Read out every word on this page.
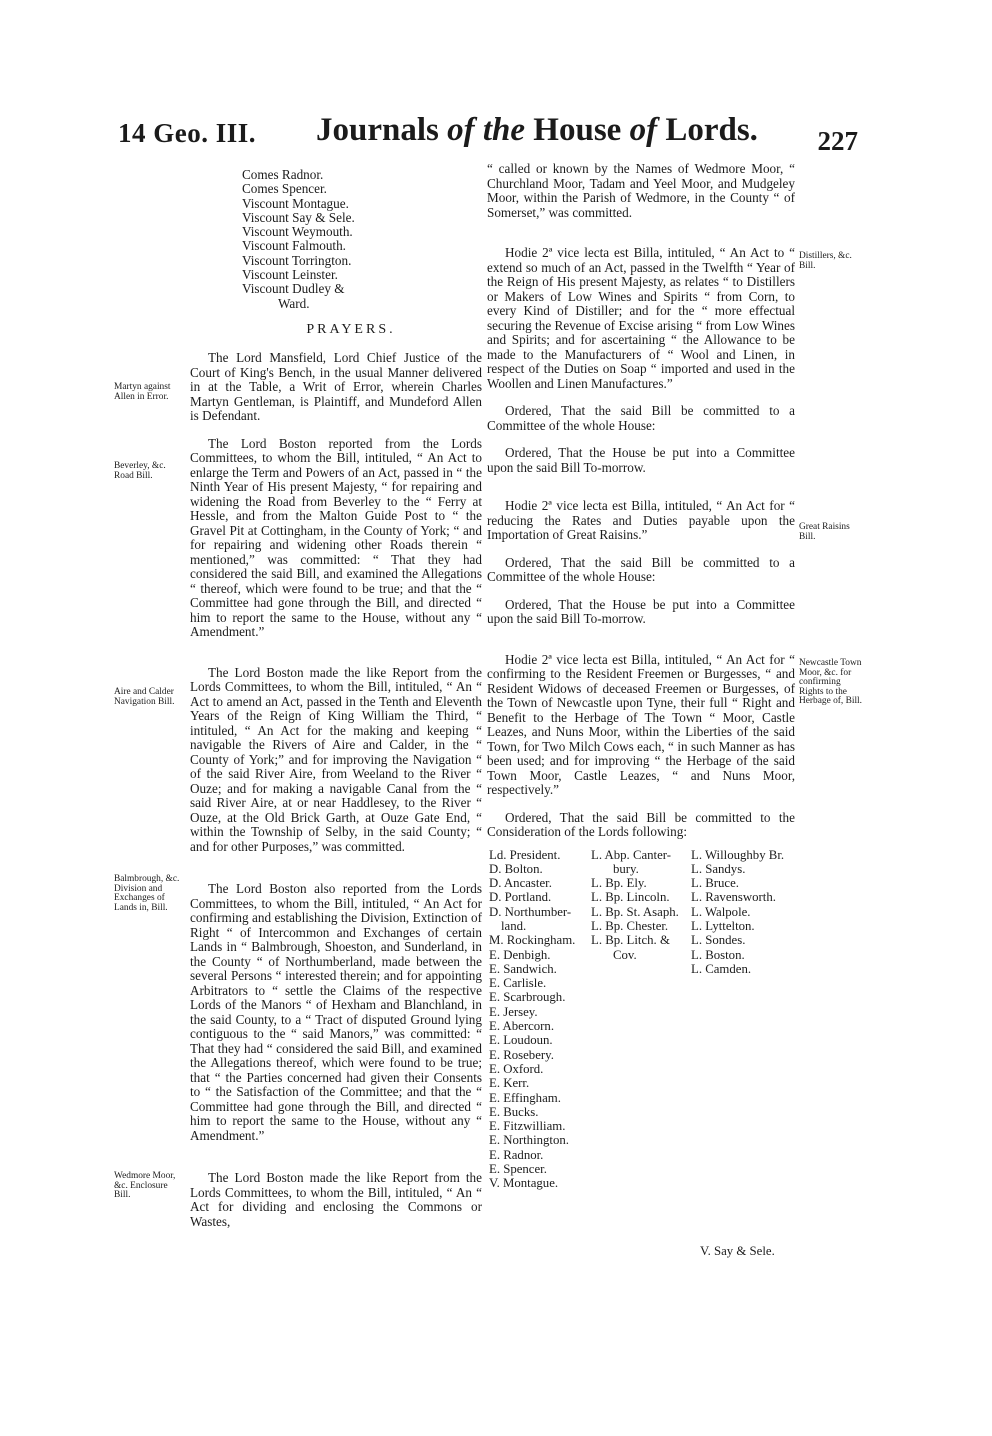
14 Geo. III. Journals of the House of Lords. 227
Comes Radnor.
Comes Spencer.
Viscount Montague.
Viscount Say & Sele.
Viscount Weymouth.
Viscount Falmouth.
Viscount Torrington.
Viscount Leinster.
Viscount Dudley &
Ward.
PRAYERS.

The Lord Mansfield, Lord Chief Justice of the Court of King's Bench, in the usual Manner delivered in at the Table, a Writ of Error, wherein Charles Martyn Gentleman, is Plaintiff, and Mundeford Allen is Defendant.

The Lord Boston reported from the Lords Committees, to whom the Bill, intituled, “ An Act to enlarge the Term and Powers of an Act, passed in “ the Ninth Year of His present Majesty, “ for repairing and widening the Road from Beverley to the “ Ferry at Hessle, and from the Malton Guide Post to “ the Gravel Pit at Cottingham, in the County of York; “ and for repairing and widening other Roads therein “ mentioned,” was committed: “ That they had considered the said Bill, and examined the Allegations “ thereof, which were found to be true; and that the “ Committee had gone through the Bill, and directed “ him to report the same to the House, without any “ Amendment.”

The Lord Boston made the like Report from the Lords Committees, to whom the Bill, intituled, “ An “ Act to amend an Act, passed in the Tenth and Eleventh Years of the Reign of King William the Third, “ intituled, “ An Act for the making and keeping “ navigable the Rivers of Aire and Calder, in the “ County of York;” and for improving the Navigation “ of the said River Aire, from Weeland to the River “ Ouze; and for making a navigable Canal from the “ said River Aire, at or near Haddlesey, to the River “ Ouze, at the Old Brick Garth, at Ouze Gate End, “ within the Township of Selby, in the said County; “ and for other Purposes,” was committed.

The Lord Boston also reported from the Lords Committees, to whom the Bill, intituled, “ An Act for confirming and establishing the Division, Extinction of Right “ of Intercommon and Exchanges of certain Lands in “ Balmbrough, Shoeston, and Sunderland, in the County “ of Northumberland, made between the several Persons “ interested therein; and for appointing Arbitrators to “ settle the Claims of the respective Lords of the Manors “ of Hexham and Blanchland, in the said County, to a “ Tract of disputed Ground lying contiguous to the “ said Manors,” was committed: “ That they had “ considered the said Bill, and examined the Allegations thereof, which were found to be true; that “ the Parties concerned had given their Consents to “ the Satisfaction of the Committee; and that the “ Committee had gone through the Bill, and directed “ him to report the same to the House, without any “ Amendment.”

The Lord Boston made the like Report from the Lords Committees, to whom the Bill, intituled, “ An “ Act for dividing and enclosing the Commons or Wastes,

“ called or known by the Names of Wedmore Moor, “ Churchland Moor, Tadam and Yeel Moor, and Mudgeley Moor, within the Parish of Wedmore, in the County “ of Somerset,” was committed.

Hodie 2ª vice lecta est Billa, intituled, “ An Act to “ extend so much of an Act, passed in the Twelfth “ Year of the Reign of His present Majesty, as relates “ to Distillers or Makers of Low Wines and Spirits “ from Corn, to every Kind of Distiller; and for the “ more effectual securing the Revenue of Excise arising “ from Low Wines and Spirits; and for ascertaining “ the Allowance to be made to the Manufacturers of “ Wool and Linen, in respect of the Duties on Soap “ imported and used in the Woollen and Linen Manufactures.”

Ordered, That the said Bill be committed to a Committee of the whole House:

Ordered, That the House be put into a Committee upon the said Bill To-morrow.

Hodie 2ª vice lecta est Billa, intituled, “ An Act for “ reducing the Rates and Duties payable upon the Importation of Great Raisins.”

Ordered, That the said Bill be committed to a Committee of the whole House:

Ordered, That the House be put into a Committee upon the said Bill To-morrow.

Hodie 2ª vice lecta est Billa, intituled, “ An Act for “ confirming to the Resident Freemen or Burgesses, “ and Resident Widows of deceased Freemen or Burgesses, of the Town of Newcastle upon Tyne, their full “ Right and Benefit to the Herbage of The Town “ Moor, Castle Leazes, and Nuns Moor, within the Liberties of the said Town, for Two Milch Cows each, “ in such Manner as has been used; and for improving “ the Herbage of the said Town Moor, Castle Leazes, “ and Nuns Moor, respectively.”

Ordered, That the said Bill be committed to the Consideration of the Lords following:

Ld. President.
D. Bolton.
D. Ancaster.
D. Portland.
D. Northumber-
land.
M. Rockingham.
E. Denbigh.
E. Sandwich.
E. Carlisle.
E. Scarbrough.
E. Jersey.
E. Abercorn.
E. Loudoun.
E. Rosebery.
E. Oxford.
E. Kerr.
E. Effingham.
E. Bucks.
E. Fitzwilliam.
E. Northington.
E. Radnor.
E. Spencer.
V. Montague.
L. Abp. Canter-
bury.
L. Bp. Ely.
L. Bp. Lincoln.
L. Bp. St. Asaph.
L. Bp. Chester.
L. Bp. Litch. &
Cov.
L. Willoughby Br.
L. Sandys.
L. Bruce.
L. Ravensworth.
L. Walpole.
L. Lyttelton.
L. Sondes.
L. Boston.
L. Camden.
V. Say & Sele.
Martyn against Allen in Error.
Beverley, &c. Road Bill.
Aire and Calder Navigation Bill.
Balmbrough, &c. Division and Exchanges of Lands in, Bill.
Wedmore Moor, &c. Enclosure Bill.
Distillers, &c. Bill.
Great Raisins Bill.
Newcastle Town Moor, &c. for confirming Rights to the Herbage of, Bill.
